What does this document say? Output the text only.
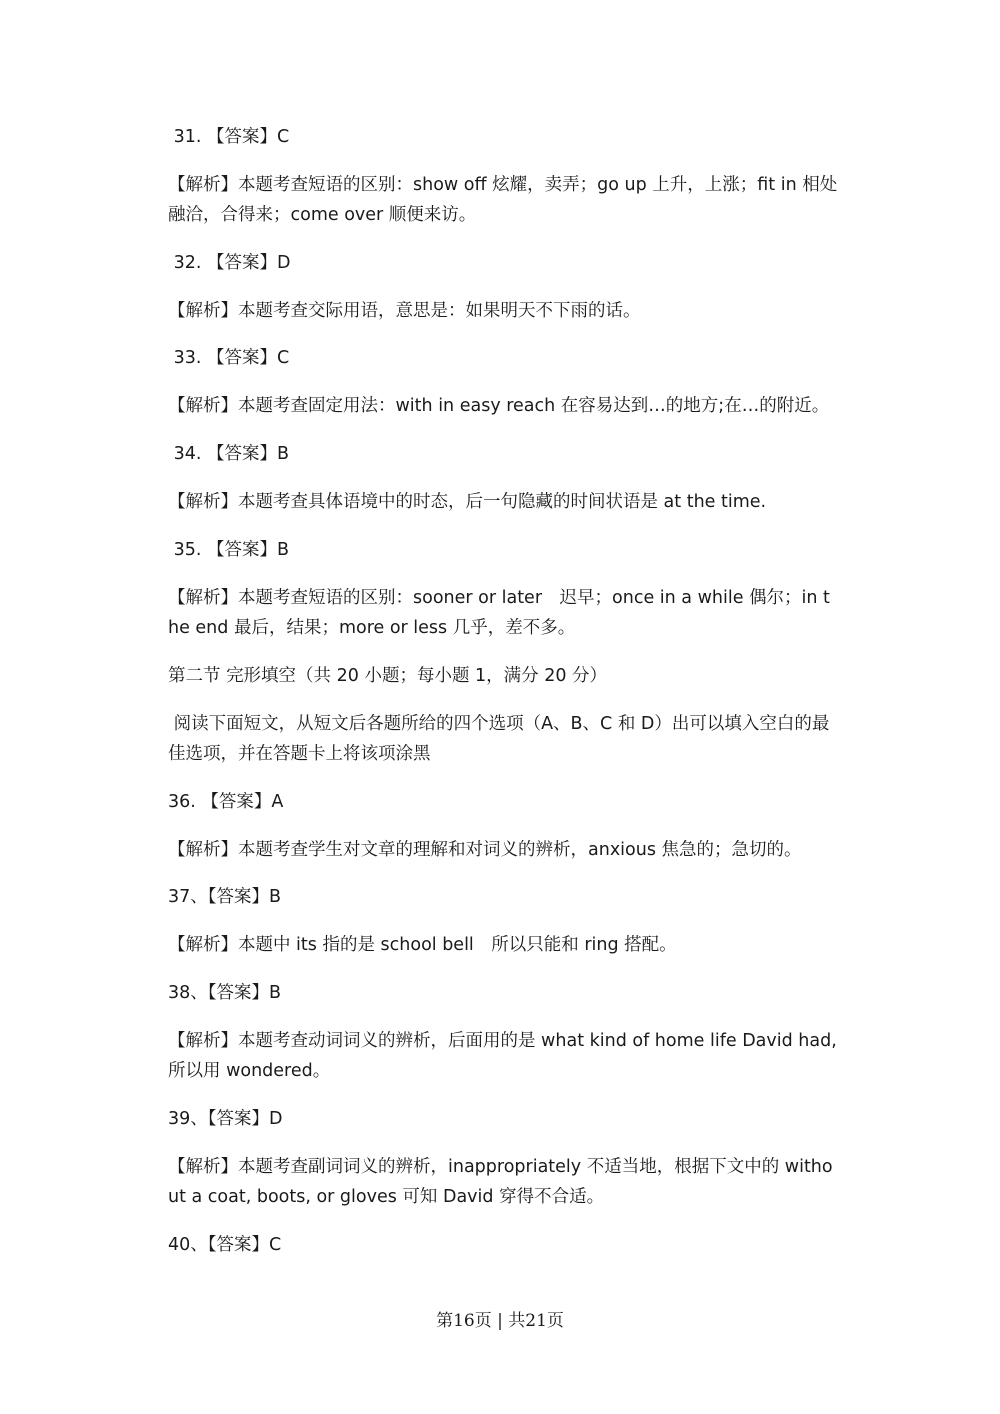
31. 【答案】C
【解析】本题考查短语的区别：show off 炫耀，卖弄；go up 上升，上涨；fit in 相处融洽，合得来；come over 顺便来访。
32. 【答案】D
【解析】本题考查交际用语，意思是：如果明天不下雨的话。
33. 【答案】C
【解析】本题考查固定用法：with in easy reach 在容易达到…的地方;在…的附近。
34. 【答案】B
【解析】本题考查具体语境中的时态，后一句隐藏的时间状语是 at the time.
35. 【答案】B
【解析】本题考查短语的区别：sooner or later　迟早；once in a while 偶尔；in the end 最后，结果；more or less 几乎，差不多。
第二节 完形填空（共 20 小题；每小题 1，满分 20 分）
阅读下面短文，从短文后各题所给的四个选项（A、B、C 和 D）出可以填入空白的最佳选项，并在答题卡上将该项涂黑
36. 【答案】A
【解析】本题考查学生对文章的理解和对词义的辨析，anxious 焦急的；急切的。
37、【答案】B
【解析】本题中 its 指的是 school bell　所以只能和 ring 搭配。
38、【答案】B
【解析】本题考查动词词义的辨析，后面用的是 what kind of home life David had, 所以用 wondered。
39、【答案】D
【解析】本题考查副词词义的辨析，inappropriately 不适当地，根据下文中的 without a coat, boots, or gloves 可知 David 穿得不合适。
40、【答案】C
第16页 | 共21页
